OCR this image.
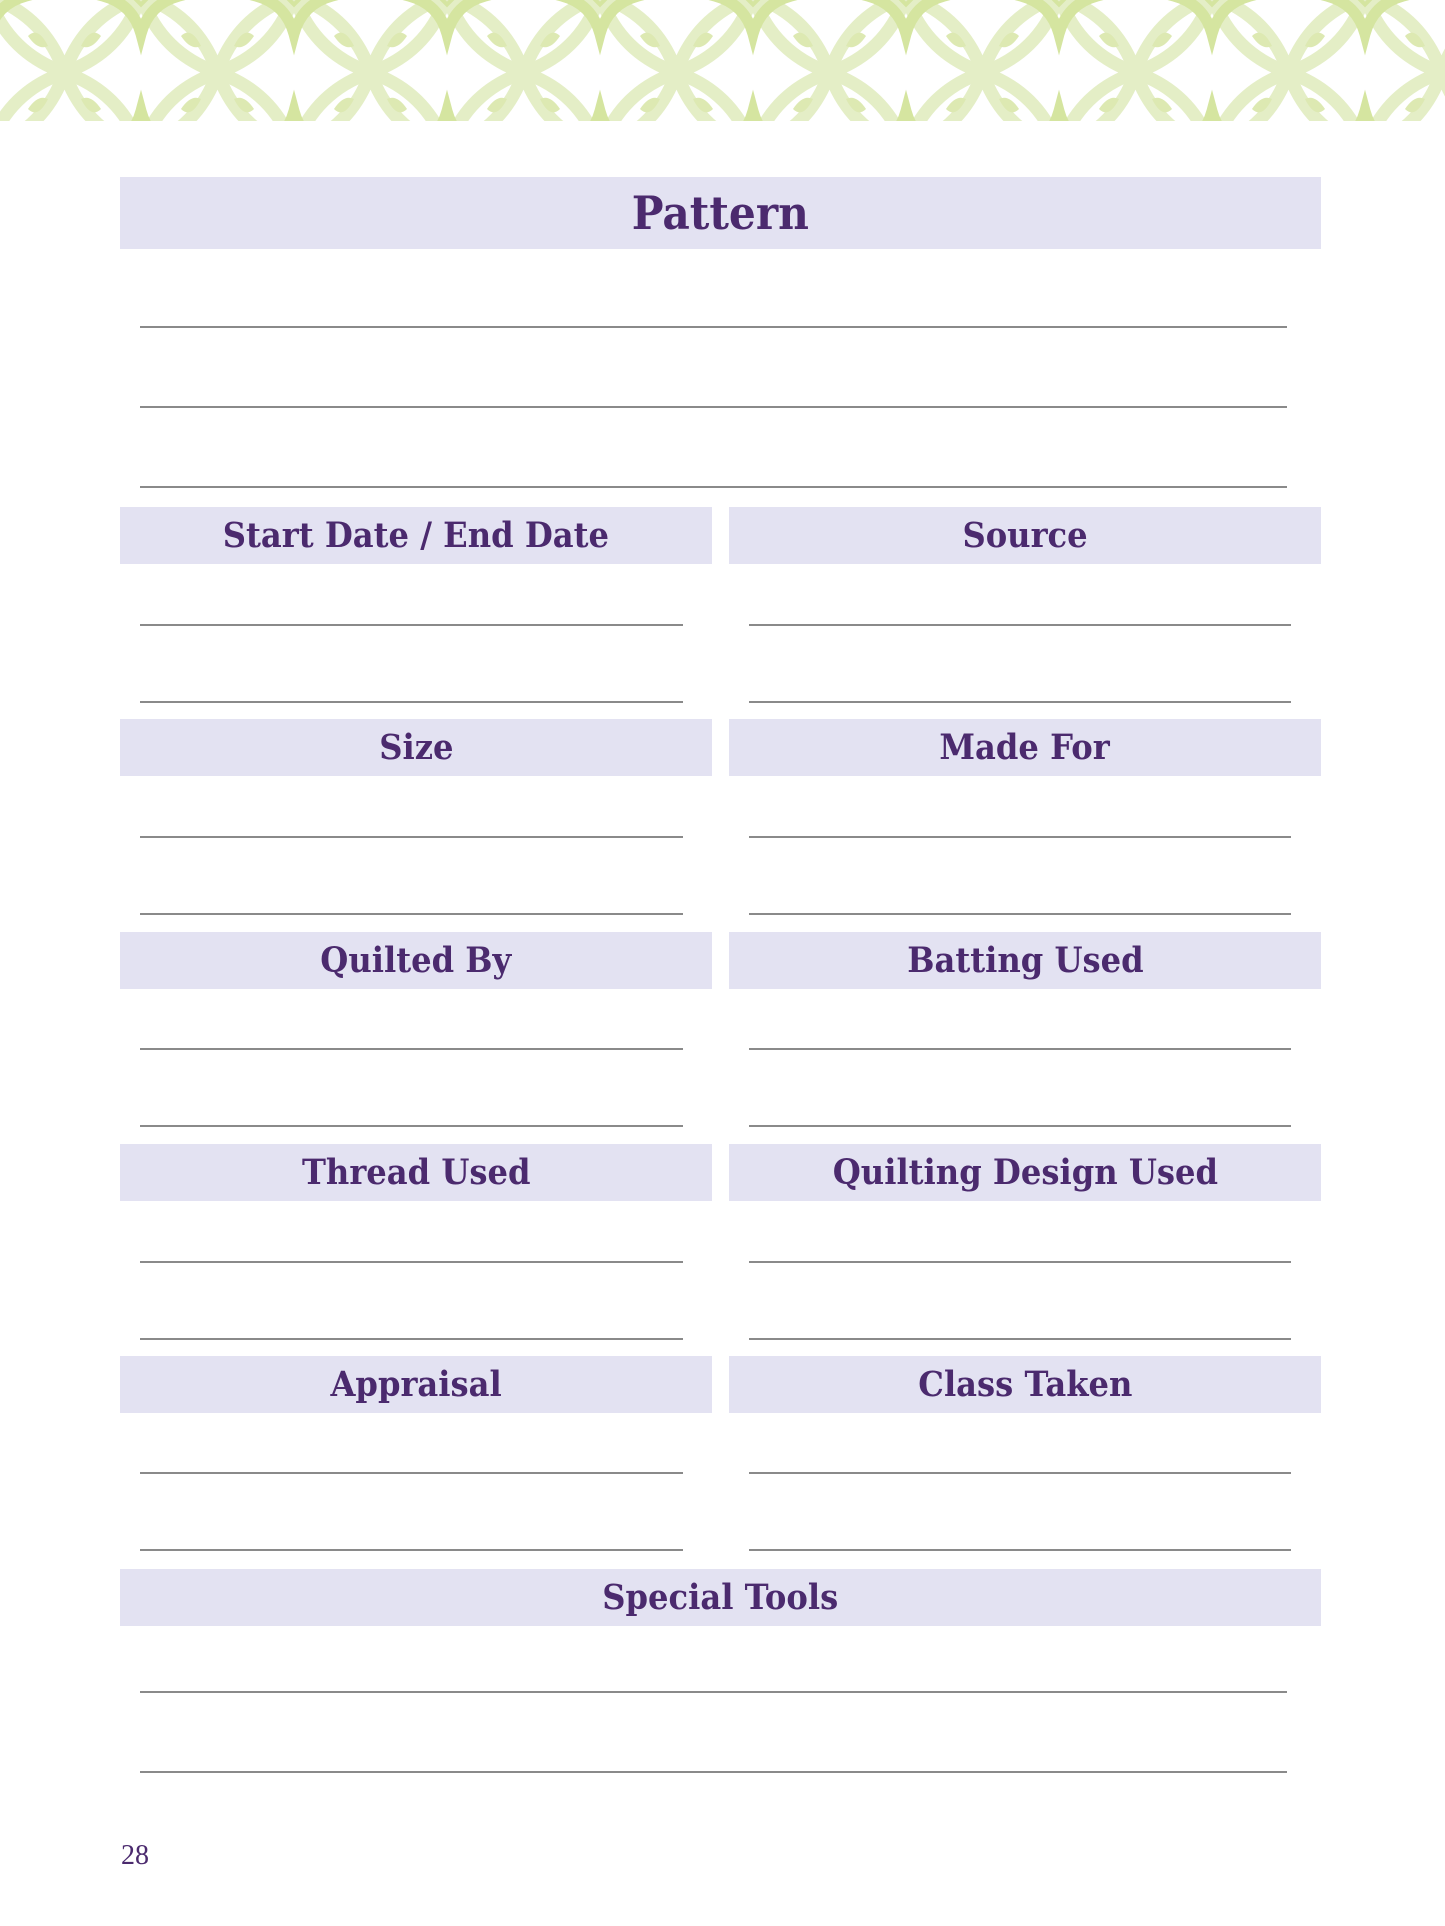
Pattern
Start Date / End Date	Source
Size	Made For
Quilted By	Batting Used
Thread Used	Quilting Design Used
Appraisal	Class Taken
Special Tools
28
